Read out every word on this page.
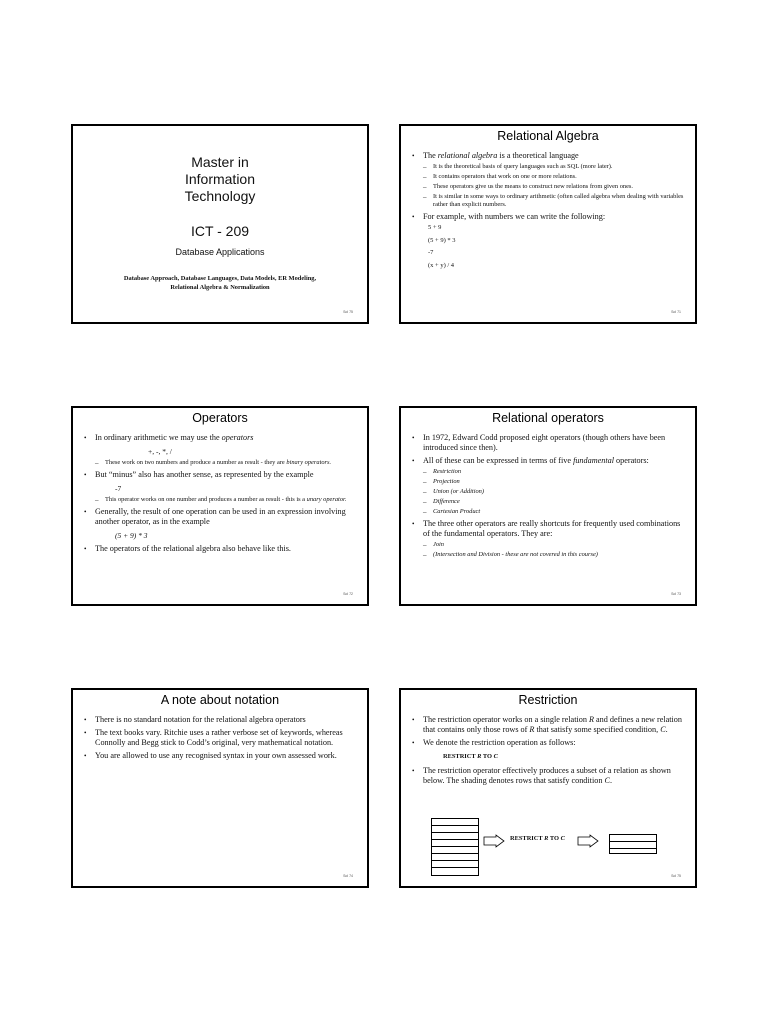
Master in
Information
Technology
ICT - 209
Database Applications
Database Approach, Database Languages, Data Models, ER Modeling,
Relational Algebra & Normalization
Sol 75
Relational Algebra
• The relational algebra is a theoretical language
– It is the theoretical basis of query languages such as SQL (more later).
– It contains operators that work on one or more relations.
– These operators give us the means to construct new relations from given ones.
– It is similar in some ways to ordinary arithmetic (often called algebra when dealing with variables rather than explicit numbers.
• For example, with numbers we can write the following:
5 + 9
(5 + 9) * 3
-7
(x + y) / 4
Sol 71
Operators
• In ordinary arithmetic we may use the operators
+, -, *, /
– These work on two numbers and produce a number as result - they are binary operators.
• But “minus” also has another sense, as represented by the example
-7
– This operator works on one number and produces a number as result - this is a unary operator.
• Generally, the result of one operation can be used in an expression involving another operator, as in the example
(5 + 9) * 3
• The operators of the relational algebra also behave like this.
Sol 72
Relational operators
• In 1972, Edward Codd proposed eight operators (though others have been introduced since then).
• All of these can be expressed in terms of five fundamental operators:
– Restriction
– Projection
– Union (or Addition)
– Difference
– Cartesian Product
• The three other operators are really shortcuts for frequently used combinations of the fundamental operators. They are:
– Join
– (Intersection and Division - these are not covered in this course)
Sol 73
A note about notation
• There is no standard notation for the relational algebra operators
• The text books vary. Ritchie uses a rather verbose set of keywords, whereas Connolly and Begg stick to Codd’s original, very mathematical notation.
• You are allowed to use any recognised syntax in your own assessed work.
Sol 74
Restriction
• The restriction operator works on a single relation R and defines a new relation that contains only those rows of R that satisfy some specified condition, C.
• We denote the restriction operation as follows:
RESTRICT R TO C
• The restriction operator effectively produces a subset of a relation as shown below. The shading denotes rows that satisfy condition C.
RESTRICT R TO C
Sol 75
